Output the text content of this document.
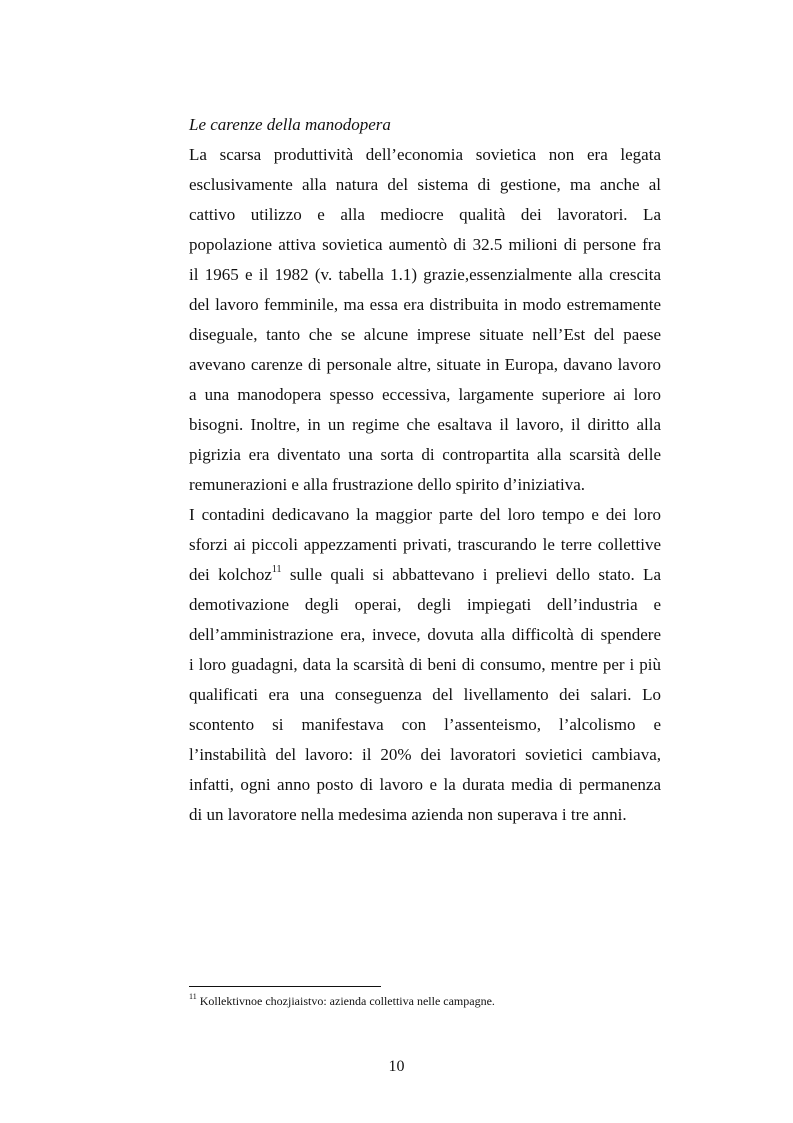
Le carenze della manodopera
La scarsa produttività dell’economia sovietica non era legata
esclusivamente alla natura del sistema di gestione, ma anche al
cattivo utilizzo e alla mediocre qualità dei lavoratori. La
popolazione attiva sovietica aumentò di 32.5 milioni di persone fra
il 1965 e il 1982 (v. tabella 1.1) grazie,essenzialmente alla crescita
del lavoro femminile, ma essa era distribuita in modo estremamente
diseguale, tanto che se alcune imprese situate nell’Est del paese
avevano carenze di personale altre, situate in Europa, davano lavoro
a una manodopera spesso eccessiva, largamente superiore ai loro
bisogni. Inoltre, in un regime che esaltava il lavoro, il diritto alla
pigrizia era diventato una sorta di contropartita alla scarsità delle
remunerazioni e alla frustrazione dello spirito d’iniziativa.
I contadini dedicavano la maggior parte del loro tempo e dei loro
sforzi ai piccoli appezzamenti privati, trascurando le terre collettive
dei kolchoz$^{11}$ sulle quali si abbattevano i prelievi dello stato. La
demotivazione degli operai, degli impiegati dell’industria e
dell’amministrazione era, invece, dovuta alla difficoltà di spendere
i loro guadagni, data la scarsità di beni di consumo, mentre per i più
qualificati era una conseguenza del livellamento dei salari. Lo
scontento si manifestava con l’assenteismo, l’alcolismo e
l’instabilità del lavoro: il 20% dei lavoratori sovietici cambiava,
infatti, ogni anno posto di lavoro e la durata media di permanenza
di un lavoratore nella medesima azienda non superava i tre anni.
$^{11}$ Kollektivnoe chozjiaistvo: azienda collettiva nelle campagne.
10
